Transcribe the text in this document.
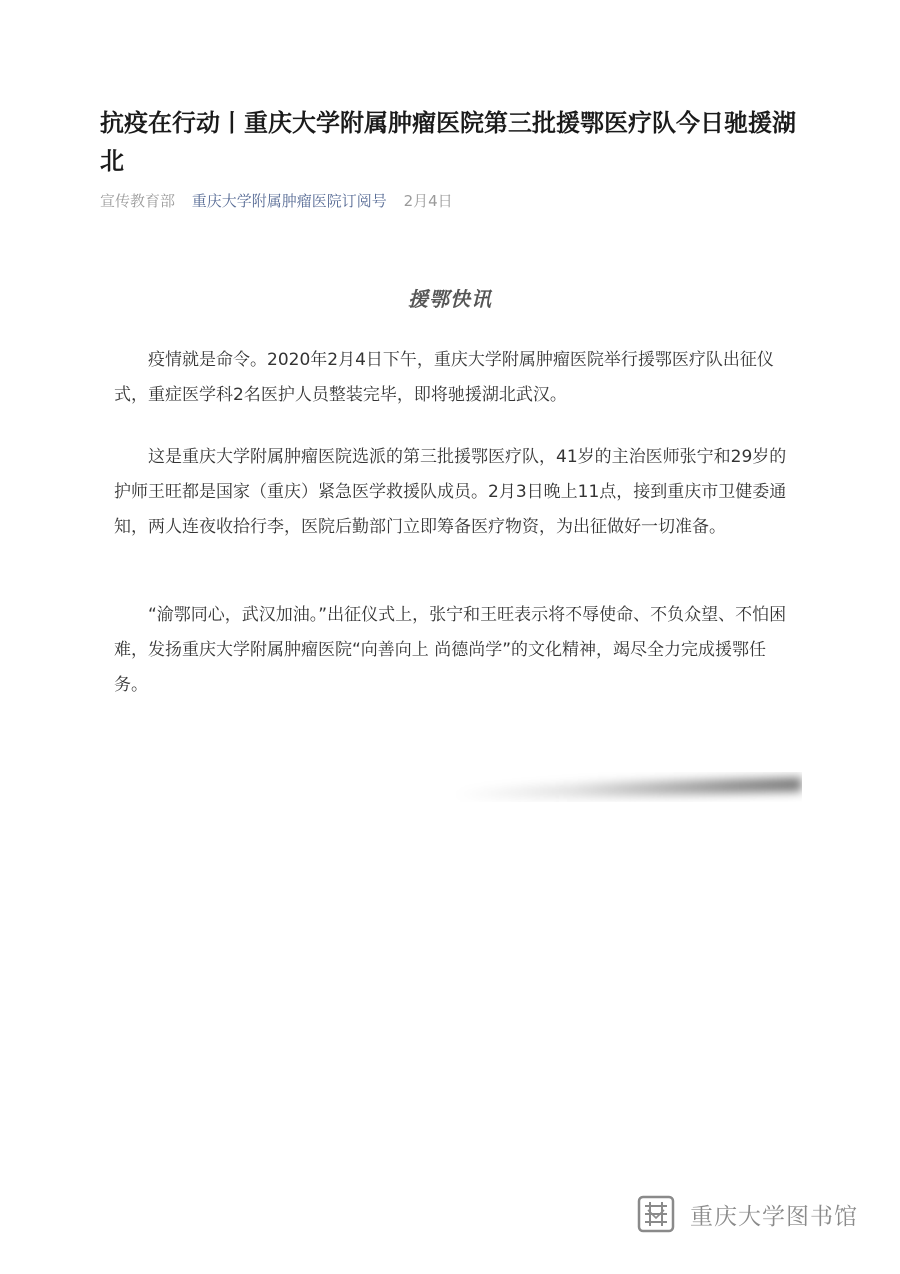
抗疫在行动丨重庆大学附属肿瘤医院第三批援鄂医疗队今日驰援湖北
宣传教育部 重庆大学附属肿瘤医院订阅号 2月4日
援鄂快讯

疫情就是命令。2020年2月4日下午，重庆大学附属肿瘤医院举行援鄂医疗队出征仪式，重症医学科2名医护人员整装完毕，即将驰援湖北武汉。

这是重庆大学附属肿瘤医院选派的第三批援鄂医疗队，41岁的主治医师张宁和29岁的护师王旺都是国家（重庆）紧急医学救援队成员。2月3日晚上11点，接到重庆市卫健委通知，两人连夜收拾行李，医院后勤部门立即筹备医疗物资，为出征做好一切准备。

“渝鄂同心，武汉加油。”出征仪式上，张宁和王旺表示将不辱使命、不负众望、不怕困难，发扬重庆大学附属肿瘤医院“向善向上 尚德尚学”的文化精神，竭尽全力完成援鄂任务。

重庆大学图书馆
